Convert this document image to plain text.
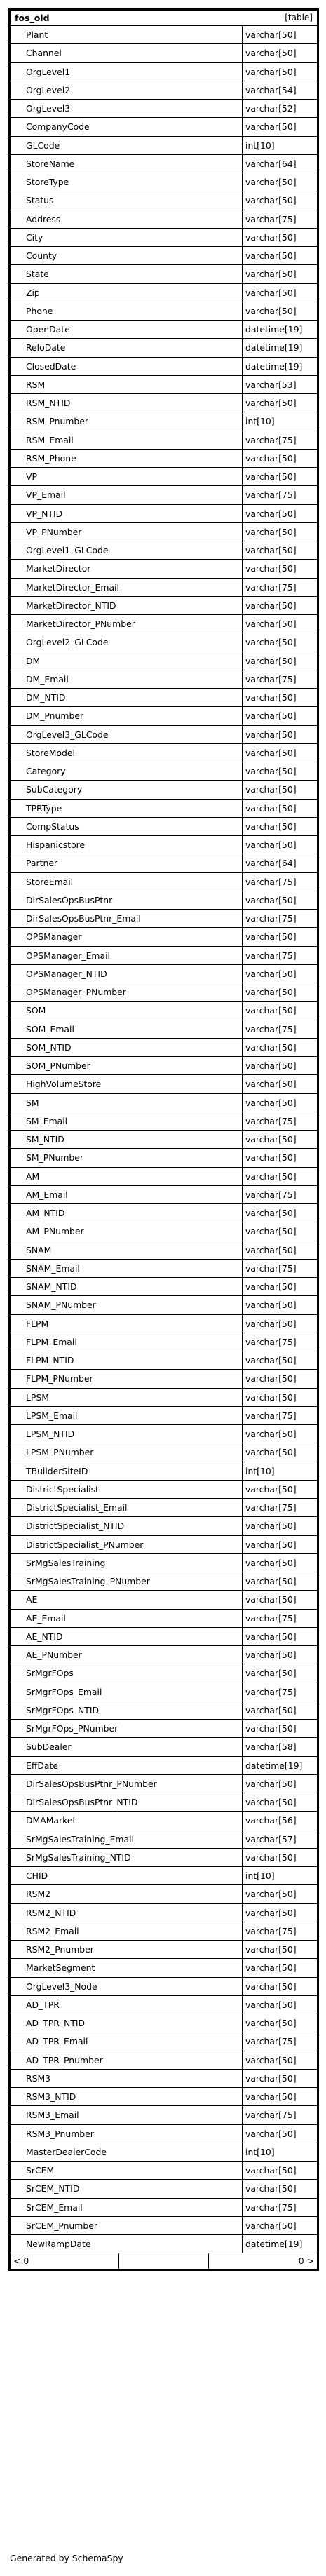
fos_old	[table]
Plant	varchar[50]
Channel	varchar[50]
OrgLevel1	varchar[50]
OrgLevel2	varchar[54]
OrgLevel3	varchar[52]
CompanyCode	varchar[50]
GLCode	int[10]
StoreName	varchar[64]
StoreType	varchar[50]
Status	varchar[50]
Address	varchar[75]
City	varchar[50]
County	varchar[50]
State	varchar[50]
Zip	varchar[50]
Phone	varchar[50]
OpenDate	datetime[19]
ReloDate	datetime[19]
ClosedDate	datetime[19]
RSM	varchar[53]
RSM_NTID	varchar[50]
RSM_Pnumber	int[10]
RSM_Email	varchar[75]
RSM_Phone	varchar[50]
VP	varchar[50]
VP_Email	varchar[75]
VP_NTID	varchar[50]
VP_PNumber	varchar[50]
OrgLevel1_GLCode	varchar[50]
MarketDirector	varchar[50]
MarketDirector_Email	varchar[75]
MarketDirector_NTID	varchar[50]
MarketDirector_PNumber	varchar[50]
OrgLevel2_GLCode	varchar[50]
DM	varchar[50]
DM_Email	varchar[75]
DM_NTID	varchar[50]
DM_Pnumber	varchar[50]
OrgLevel3_GLCode	varchar[50]
StoreModel	varchar[50]
Category	varchar[50]
SubCategory	varchar[50]
TPRType	varchar[50]
CompStatus	varchar[50]
Hispanicstore	varchar[50]
Partner	varchar[64]
StoreEmail	varchar[75]
DirSalesOpsBusPtnr	varchar[50]
DirSalesOpsBusPtnr_Email	varchar[75]
OPSManager	varchar[50]
OPSManager_Email	varchar[75]
OPSManager_NTID	varchar[50]
OPSManager_PNumber	varchar[50]
SOM	varchar[50]
SOM_Email	varchar[75]
SOM_NTID	varchar[50]
SOM_PNumber	varchar[50]
HighVolumeStore	varchar[50]
SM	varchar[50]
SM_Email	varchar[75]
SM_NTID	varchar[50]
SM_PNumber	varchar[50]
AM	varchar[50]
AM_Email	varchar[75]
AM_NTID	varchar[50]
AM_PNumber	varchar[50]
SNAM	varchar[50]
SNAM_Email	varchar[75]
SNAM_NTID	varchar[50]
SNAM_PNumber	varchar[50]
FLPM	varchar[50]
FLPM_Email	varchar[75]
FLPM_NTID	varchar[50]
FLPM_PNumber	varchar[50]
LPSM	varchar[50]
LPSM_Email	varchar[75]
LPSM_NTID	varchar[50]
LPSM_PNumber	varchar[50]
TBuilderSiteID	int[10]
DistrictSpecialist	varchar[50]
DistrictSpecialist_Email	varchar[75]
DistrictSpecialist_NTID	varchar[50]
DistrictSpecialist_PNumber	varchar[50]
SrMgSalesTraining	varchar[50]
SrMgSalesTraining_PNumber	varchar[50]
AE	varchar[50]
AE_Email	varchar[75]
AE_NTID	varchar[50]
AE_PNumber	varchar[50]
SrMgrFOps	varchar[50]
SrMgrFOps_Email	varchar[75]
SrMgrFOps_NTID	varchar[50]
SrMgrFOps_PNumber	varchar[50]
SubDealer	varchar[58]
EffDate	datetime[19]
DirSalesOpsBusPtnr_PNumber	varchar[50]
DirSalesOpsBusPtnr_NTID	varchar[50]
DMAMarket	varchar[56]
SrMgSalesTraining_Email	varchar[57]
SrMgSalesTraining_NTID	varchar[50]
CHID	int[10]
RSM2	varchar[50]
RSM2_NTID	varchar[50]
RSM2_Email	varchar[75]
RSM2_Pnumber	varchar[50]
MarketSegment	varchar[50]
OrgLevel3_Node	varchar[50]
AD_TPR	varchar[50]
AD_TPR_NTID	varchar[50]
AD_TPR_Email	varchar[75]
AD_TPR_Pnumber	varchar[50]
RSM3	varchar[50]
RSM3_NTID	varchar[50]
RSM3_Email	varchar[75]
RSM3_Pnumber	varchar[50]
MasterDealerCode	int[10]
SrCEM	varchar[50]
SrCEM_NTID	varchar[50]
SrCEM_Email	varchar[75]
SrCEM_Pnumber	varchar[50]
NewRampDate	datetime[19]
< 0	0 >
Generated by SchemaSpy
